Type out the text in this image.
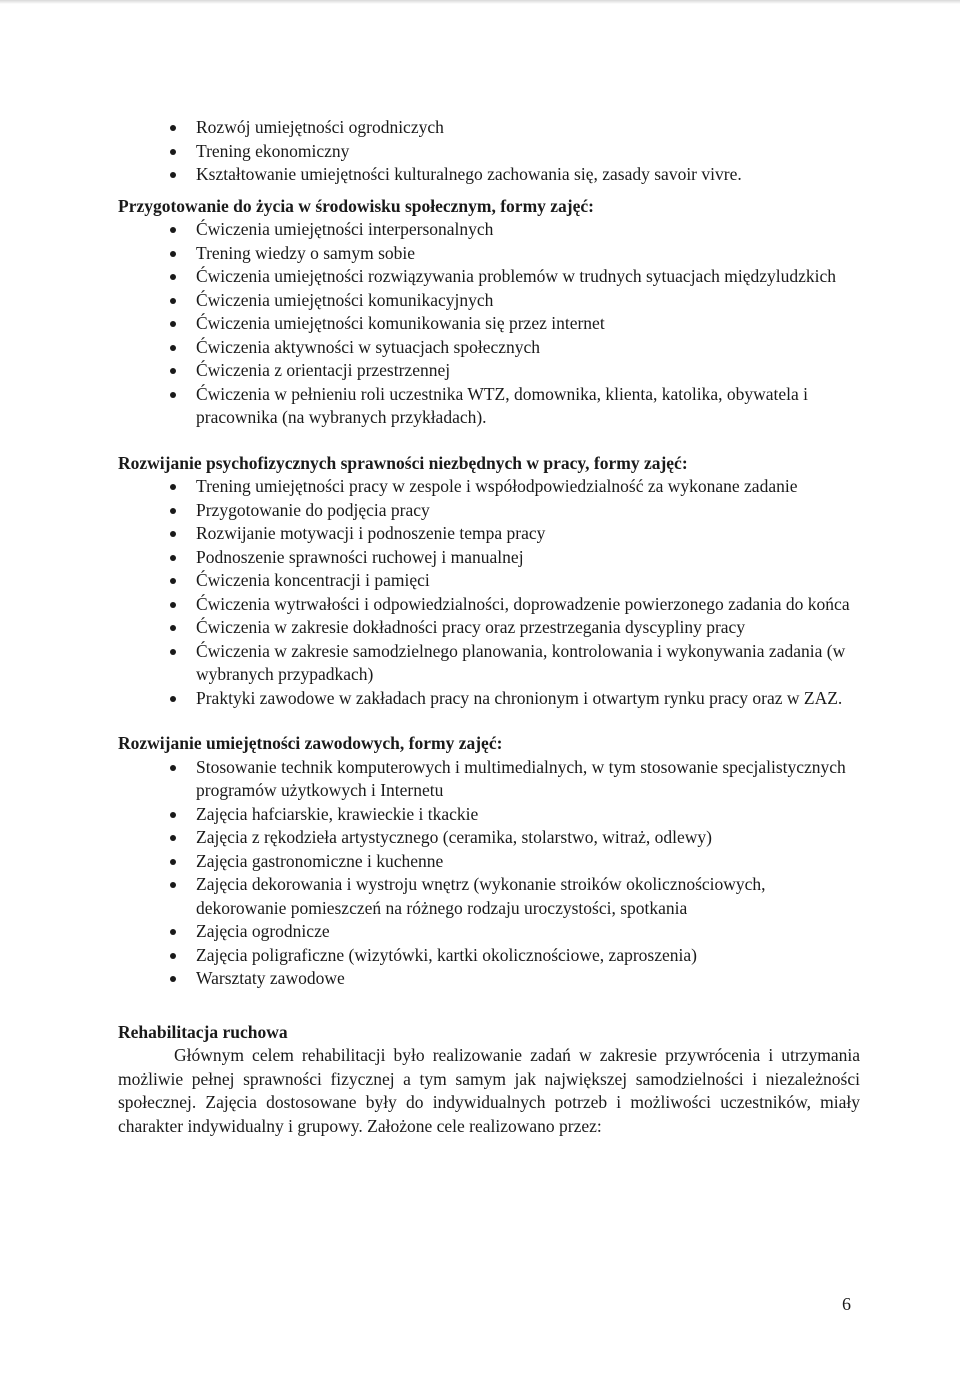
Rozwój umiejętności ogrodniczych
Trening ekonomiczny
Kształtowanie umiejętności kulturalnego zachowania się, zasady savoir vivre.

Przygotowanie do życia w środowisku społecznym, formy zajęć:

Ćwiczenia umiejętności interpersonalnych
Trening wiedzy o samym sobie
Ćwiczenia umiejętności rozwiązywania problemów w trudnych sytuacjach międzyludzkich
Ćwiczenia umiejętności komunikacyjnych
Ćwiczenia umiejętności komunikowania się przez internet
Ćwiczenia aktywności w sytuacjach społecznych
Ćwiczenia z orientacji przestrzennej
Ćwiczenia w pełnieniu roli uczestnika WTZ, domownika, klienta, katolika, obywatela i pracownika (na wybranych przykładach).

Rozwijanie psychofizycznych sprawności niezbędnych w pracy, formy zajęć:

Trening umiejętności pracy w zespole i współodpowiedzialność za wykonane zadanie
Przygotowanie do podjęcia pracy
Rozwijanie motywacji i podnoszenie tempa pracy
Podnoszenie sprawności ruchowej i manualnej
Ćwiczenia koncentracji i pamięci
Ćwiczenia wytrwałości i odpowiedzialności, doprowadzenie powierzonego zadania do końca
Ćwiczenia w zakresie dokładności pracy oraz przestrzegania dyscypliny pracy
Ćwiczenia w zakresie samodzielnego planowania, kontrolowania i wykonywania zadania (w wybranych przypadkach)
Praktyki zawodowe w zakładach pracy na chronionym i otwartym rynku pracy oraz w ZAZ.

Rozwijanie umiejętności zawodowych, formy zajęć:

Stosowanie technik komputerowych i multimedialnych, w tym stosowanie specjalistycznych programów użytkowych i Internetu
Zajęcia hafciarskie, krawieckie i tkackie
Zajęcia z rękodzieła artystycznego (ceramika, stolarstwo, witraż, odlewy)
Zajęcia gastronomiczne i kuchenne
Zajęcia dekorowania i wystroju wnętrz (wykonanie stroików okolicznościowych, dekorowanie pomieszczeń na różnego rodzaju uroczystości, spotkania
Zajęcia ogrodnicze
Zajęcia poligraficzne (wizytówki, kartki okolicznościowe, zaproszenia)
Warsztaty zawodowe

Rehabilitacja ruchowa

Głównym celem rehabilitacji było realizowanie zadań w zakresie przywrócenia i utrzymania możliwie pełnej sprawności fizycznej a tym samym jak największej samodzielności i niezależności społecznej. Zajęcia dostosowane były do indywidualnych potrzeb i możliwości uczestników, miały charakter indywidualny i grupowy. Założone cele realizowano przez:

6
